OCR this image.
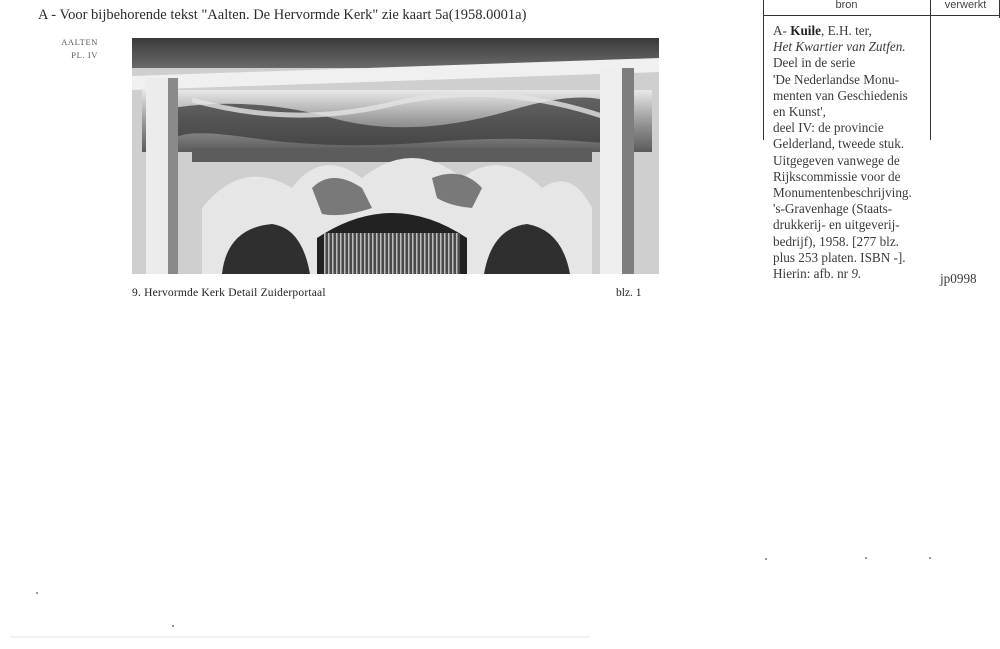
A - Voor bijbehorende tekst "Aalten. De Hervormde Kerk" zie kaart 5a(1958.0001a)
AALTEN
PL. IV
9. Hervormde Kerk Detail Zuiderportaal	blz. 1
bron	verwerkt
A- Kuile, E.H. ter,
Het Kwartier van Zutfen.
Deel in de serie
'De Nederlandse Monu-
menten van Geschiedenis
en Kunst',
deel IV: de provincie
Gelderland, tweede stuk.
Uitgegeven vanwege de
Rijkscommissie voor de
Monumentenbeschrijving.
's-Gravenhage (Staats-
drukkerij- en uitgeverij-
bedrijf), 1958. [277 blz.
plus 253 platen. ISBN -].
Hierin: afb. nr 9.	jp0998
